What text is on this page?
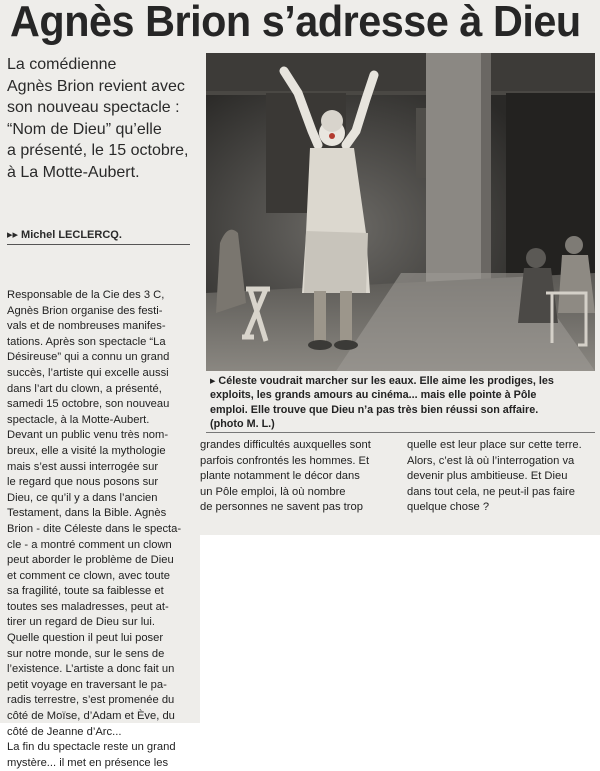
Agnès Brion s’adresse à Dieu
La comédienne
Agnès Brion revient avec
son nouveau spectacle :
“Nom de Dieu” qu’elle
a présenté, le 15 octobre,
à La Motte-Aubert.
▸▸ Michel LECLERCQ.
Responsable de la Cie des 3 C,
Agnès Brion organise des festi-
vals et de nombreuses manifes-
tations. Après son spectacle “La
Désireuse” qui a connu un grand
succès, l’artiste qui excelle aussi
dans l’art du clown, a présenté,
samedi 15 octobre, son nouveau
spectacle, à la Motte-Aubert.
Devant un public venu très nom-
breux, elle a visité la mythologie
mais s’est aussi interrogée sur
le regard que nous posons sur
Dieu, ce qu’il y a dans l’ancien
Testament, dans la Bible. Agnès
Brion - dite Céleste dans le specta-
cle - a montré comment un clown
peut aborder le problème de Dieu
et comment ce clown, avec toute
sa fragilité, toute sa faiblesse et
toutes ses maladresses, peut at-
tirer un regard de Dieu sur lui.
Quelle question il peut lui poser
sur notre monde, sur le sens de
l’existence. L’artiste a donc fait un
petit voyage en traversant le pa-
radis terrestre, s’est promenée du
côté de Moïse, d’Adam et Ève, du
côté de Jeanne d’Arc...
La fin du spectacle reste un grand
mystère... il met en présence les
▸ Céleste voudrait marcher sur les eaux. Elle aime les prodiges, les
exploits, les grands amours au cinéma... mais elle pointe à Pôle
emploi. Elle trouve que Dieu n’a pas très bien réussi son affaire.
(photo M. L.)
grandes difficultés auxquelles sont
parfois confrontés les hommes. Et
plante notamment le décor dans
un Pôle emploi, là où nombre
de personnes ne savent pas trop
quelle est leur place sur cette terre.
Alors, c’est là où l’interrogation va
devenir plus ambitieuse. Et Dieu
dans tout cela, ne peut-il pas faire
quelque chose ?
